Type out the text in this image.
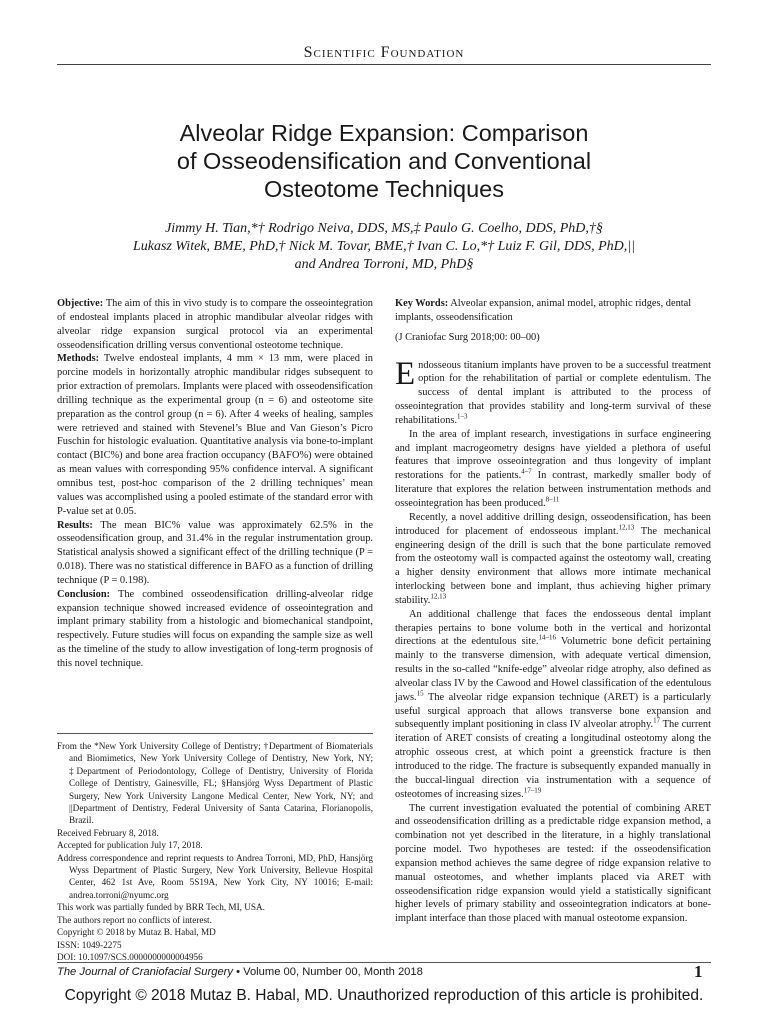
Scientific Foundation
Alveolar Ridge Expansion: Comparison
of Osseodensification and Conventional
Osteotome Techniques
Jimmy H. Tian,*† Rodrigo Neiva, DDS, MS,‡ Paulo G. Coelho, DDS, PhD,†§
Lukasz Witek, BME, PhD,† Nick M. Tovar, BME,† Ivan C. Lo,*† Luiz F. Gil, DDS, PhD,||
and Andrea Torroni, MD, PhD§

Objective: The aim of this in vivo study is to compare the osseointegration of endosteal implants placed in atrophic mandibular alveolar ridges with alveolar ridge expansion surgical protocol via an experimental osseodensification drilling versus conventional osteotome technique.

Methods: Twelve endosteal implants, 4 mm × 13 mm, were placed in porcine models in horizontally atrophic mandibular ridges subsequent to prior extraction of premolars. Implants were placed with osseodensification drilling technique as the experimental group (n = 6) and osteotome site preparation as the control group (n = 6). After 4 weeks of healing, samples were retrieved and stained with Stevenel’s Blue and Van Gieson’s Picro Fuschin for histologic evaluation. Quantitative analysis via bone-to-implant contact (BIC%) and bone area fraction occupancy (BAFO%) were obtained as mean values with corresponding 95% confidence interval. A significant omnibus test, post-hoc comparison of the 2 drilling techniques’ mean values was accomplished using a pooled estimate of the standard error with P-value set at 0.05.

Results: The mean BIC% value was approximately 62.5% in the osseodensification group, and 31.4% in the regular instrumentation group. Statistical analysis showed a significant effect of the drilling technique (P = 0.018). There was no statistical difference in BAFO as a function of drilling technique (P = 0.198).

Conclusion: The combined osseodensification drilling-alveolar ridge expansion technique showed increased evidence of osseointegration and implant primary stability from a histologic and biomechanical standpoint, respectively. Future studies will focus on expanding the sample size as well as the timeline of the study to allow investigation of long-term prognosis of this novel technique.

From the *New York University College of Dentistry; †Department of Biomaterials and Biomimetics, New York University College of Dentistry, New York, NY; ‡Department of Periodontology, College of Dentistry, University of Florida College of Dentistry, Gainesville, FL; §Hansjörg Wyss Department of Plastic Surgery, New York University Langone Medical Center, New York, NY; and ||Department of Dentistry, Federal University of Santa Catarina, Florianopolis, Brazil.

Received February 8, 2018.

Accepted for publication July 17, 2018.

Address correspondence and reprint requests to Andrea Torroni, MD, PhD, Hansjörg Wyss Department of Plastic Surgery, New York University, Bellevue Hospital Center, 462 1st Ave, Room 5S19A, New York City, NY 10016; E-mail: andrea.torroni@nyumc.org

This work was partially funded by BRR Tech, MI, USA.

The authors report no conflicts of interest.

Copyright © 2018 by Mutaz B. Habal, MD

ISSN: 1049-2275

DOI: 10.1097/SCS.0000000000004956

Key Words: Alveolar expansion, animal model, atrophic ridges, dental implants, osseodensification

(J Craniofac Surg 2018;00: 00–00)

Endosseous titanium implants have proven to be a successful treatment option for the rehabilitation of partial or complete edentulism. The success of dental implant is attributed to the process of osseointegration that provides stability and long-term survival of these rehabilitations.$^{1-3}$

In the area of implant research, investigations in surface engineering and implant macrogeometry designs have yielded a plethora of useful features that improve osseointegration and thus longevity of implant restorations for the patients.$^{4-7}$ In contrast, markedly smaller body of literature that explores the relation between instrumentation methods and osseointegration has been produced.$^{8-11}$

Recently, a novel additive drilling design, osseodensification, has been introduced for placement of endosseous implant.$^{12,13}$ The mechanical engineering design of the drill is such that the bone particulate removed from the osteotomy wall is compacted against the osteotomy wall, creating a higher density environment that allows more intimate mechanical interlocking between bone and implant, thus achieving higher primary stability.$^{12,13}$

An additional challenge that faces the endosseous dental implant therapies pertains to bone volume both in the vertical and horizontal directions at the edentulous site.$^{14-16}$ Volumetric bone deficit pertaining mainly to the transverse dimension, with adequate vertical dimension, results in the so-called “knife-edge” alveolar ridge atrophy, also defined as alveolar class IV by the Cawood and Howel classification of the edentulous jaws.$^{15}$ The alveolar ridge expansion technique (ARET) is a particularly useful surgical approach that allows transverse bone expansion and subsequently implant positioning in class IV alveolar atrophy.$^{17}$ The current iteration of ARET consists of creating a longitudinal osteotomy along the atrophic osseous crest, at which point a greenstick fracture is then introduced to the ridge. The fracture is subsequently expanded manually in the buccal-lingual direction via instrumentation with a sequence of osteotomes of increasing sizes.$^{17-19}$

The current investigation evaluated the potential of combining ARET and osseodensification drilling as a predictable ridge expansion method, a combination not yet described in the literature, in a highly translational porcine model. Two hypotheses are tested: if the osseodensification expansion method achieves the same degree of ridge expansion relative to manual osteotomes, and whether implants placed via ARET with osseodensification ridge expansion would yield a statistically significant higher levels of primary stability and osseointegration indicators at bone-implant interface than those placed with manual osteotome expansion.

The Journal of Craniofacial Surgery • Volume 00, Number 00, Month 2018	1
Copyright © 2018 Mutaz B. Habal, MD. Unauthorized reproduction of this article is prohibited.
